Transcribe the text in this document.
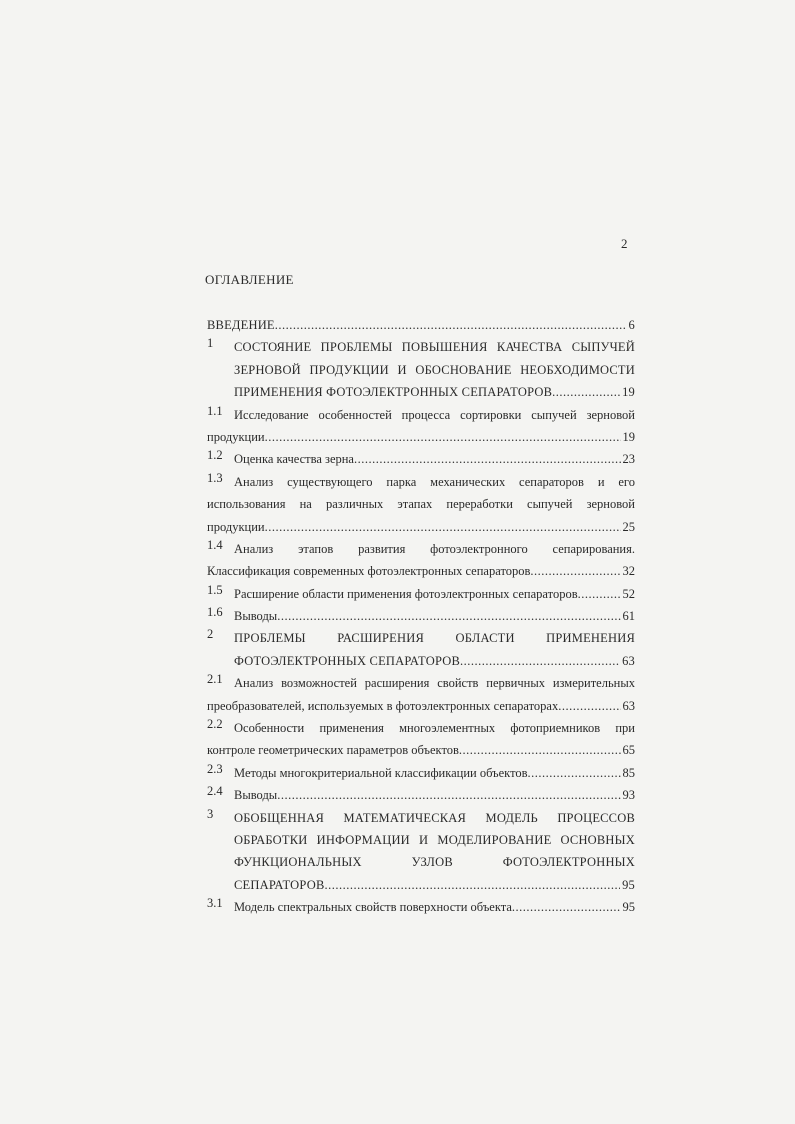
2
ОГЛАВЛЕНИЕ
ВВЕДЕНИЕ .....	6
1	СОСТОЯНИЕ ПРОБЛЕМЫ ПОВЫШЕНИЯ КАЧЕСТВА СЫПУЧЕЙ
ЗЕРНОВОЙ ПРОДУКЦИИ И ОБОСНОВАНИЕ НЕОБХОДИМОСТИ
ПРИМЕНЕНИЯ ФОТОЭЛЕКТРОННЫХ СЕПАРАТОРОВ .....	19
1.1 Исследование особенностей процесса сортировки сыпучей зерновой
продукции .....	19
1.2 Оценка качества зерна .....	23
1.3 Анализ существующего парка механических сепараторов и его
использования на различных этапах переработки сыпучей зерновой
продукции .....	25
1.4 Анализ этапов развития фотоэлектронного сепарирования.
Классификация современных фотоэлектронных сепараторов .....	32
1.5 Расширение области применения фотоэлектронных сепараторов .....	52
1.6 Выводы .....	61
2	ПРОБЛЕМЫ РАСШИРЕНИЯ ОБЛАСТИ ПРИМЕНЕНИЯ
ФОТОЭЛЕКТРОННЫХ СЕПАРАТОРОВ .....	63
2.1 Анализ возможностей расширения свойств первичных измерительных
преобразователей, используемых в фотоэлектронных сепараторах .....	63
2.2 Особенности применения многоэлементных фотоприемников при
контроле геометрических параметров объектов .....	65
2.3 Методы многокритериальной классификации объектов .....	85
2.4 Выводы .....	93
3	ОБОБЩЕННАЯ МАТЕМАТИЧЕСКАЯ МОДЕЛЬ ПРОЦЕССОВ
ОБРАБОТКИ ИНФОРМАЦИИ И МОДЕЛИРОВАНИЕ ОСНОВНЫХ
ФУНКЦИОНАЛЬНЫХ УЗЛОВ ФОТОЭЛЕКТРОННЫХ
СЕПАРАТОРОВ .....	95
3.1 Модель спектральных свойств поверхности объекта .....	95
